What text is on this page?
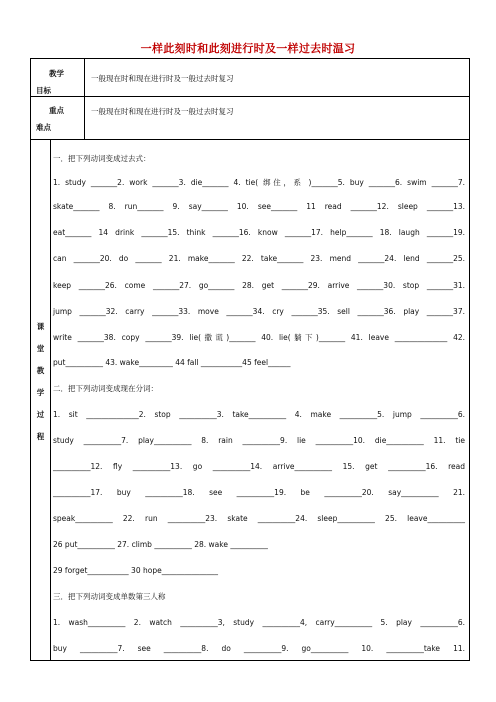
一样此刻时和此刻进行时及一样过去时温习
教学
目标
一般现在时和现在进行时及一般过去时复习
重点
难点
一般现在时和现在进行时及一般过去时复习
课
堂
教
学
过
程
一．把下列动词变成过去式：
1. study _______2. work _______3. die_______ 4. tie( 绑住，系 )_______5. buy _______6. swim _______7.
skate_______ 8. run_______ 9. say_______ 10. see_______ 11 read _______12. sleep _______13.
eat_______ 14 drink _______15. think _______16. know _______17. help_______ 18. laugh _______19.
can _______20. do _______ 21. make_______ 22. take_______ 23. mend _______24. lend _______25.
keep _______26. come _______27. go_______ 28. get _______29. arrive _______30. stop _______31.
jump _______32. carry _______33. move _______34. cry _______35. sell _______36. play _______37.
write _______38. copy _______39. lie(撒谎)_______ 40. lie(躺下)_______ 41. leave ______________ 42.
put__________ 43. wake_________ 44 fall ___________45 feel______
二．把下列动词变成现在分词：
1. sit ______________2. stop __________3. take__________ 4. make __________5. jump __________6.
study __________7. play__________ 8. rain __________9. lie __________10. die__________ 11. tie
__________12. fly __________13. go __________14. arrive__________ 15. get __________16. read
__________17. buy __________18. see __________19. be __________20. say__________ 21.
speak__________ 22. run __________23. skate __________24. sleep__________ 25. leave__________
26 put__________ 27. climb __________ 28. wake __________
29 forget___________ 30 hope_______________
三．把下列动词变成单数第三人称
1. wash__________ 2. watch __________3, study __________4, carry__________ 5. play __________6.
buy __________7. see __________8. do __________9. go__________ 10. __________take 11.
